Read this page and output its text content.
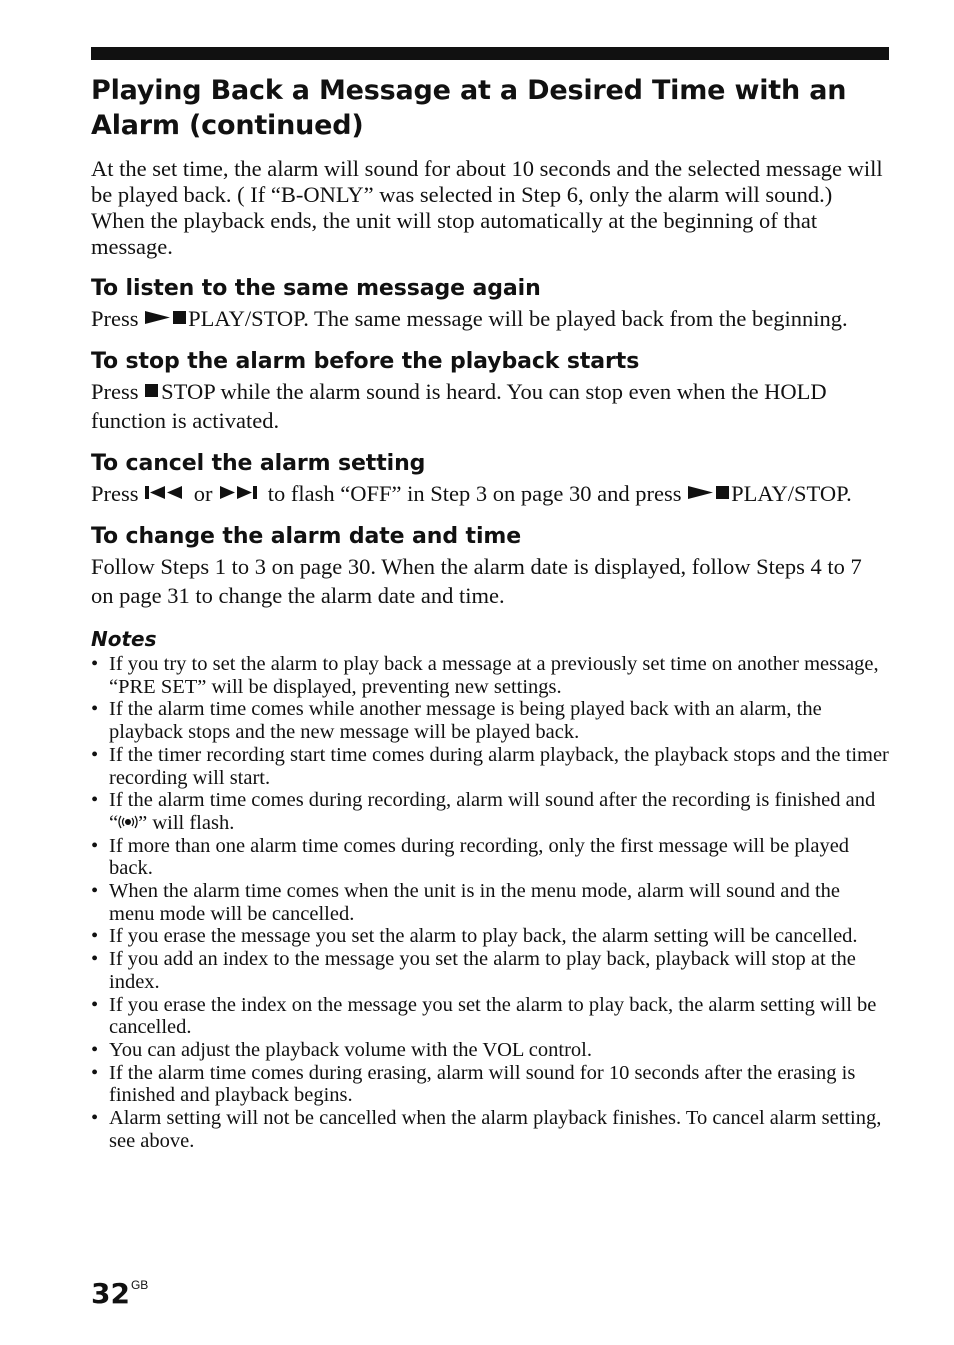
Playing Back a Message at a Desired Time with an Alarm (continued)

At the set time, the alarm will sound for about 10 seconds and the selected message will be played back. ( If “B-ONLY” was selected in Step 6, only the alarm will sound.)

When the playback ends, the unit will stop automatically at the beginning of that message.

To listen to the same message again

Press PLAY/STOP. The same message will be played back from the beginning.

To stop the alarm before the playback starts

Press STOP while the alarm sound is heard. You can stop even when the HOLD function is activated.

To cancel the alarm setting

Press  or  to flash “OFF” in Step 3 on page 30 and press PLAY/STOP.

To change the alarm date and time

Follow Steps 1 to 3 on page 30. When the alarm date is displayed, follow Steps 4 to 7 on page 31 to change the alarm date and time.

Notes
• If you try to set the alarm to play back a message at a previously set time on another message, “PRE SET” will be displayed, preventing new settings.
• If the alarm time comes while another message is being played back with an alarm, the playback stops and the new message will be played back.
• If the timer recording start time comes during alarm playback, the playback stops and the timer recording will start.
• If the alarm time comes during recording, alarm will sound after the recording is finished and “ ” will flash.
• If more than one alarm time comes during recording, only the first message will be played back.
• When the alarm time comes when the unit is in the menu mode, alarm will sound and the menu mode will be cancelled.
• If you erase the message you set the alarm to play back, the alarm setting will be cancelled.
• If you add an index to the message you set the alarm to play back, playback will stop at the index.
• If you erase the index on the message you set the alarm to play back, the alarm setting will be cancelled.
• You can adjust the playback volume with the VOL control.
• If the alarm time comes during erasing, alarm will sound for 10 seconds after the erasing is finished and playback begins.
• Alarm setting will not be cancelled when the alarm playback finishes. To cancel alarm setting, see above.
$32^{GB}$
